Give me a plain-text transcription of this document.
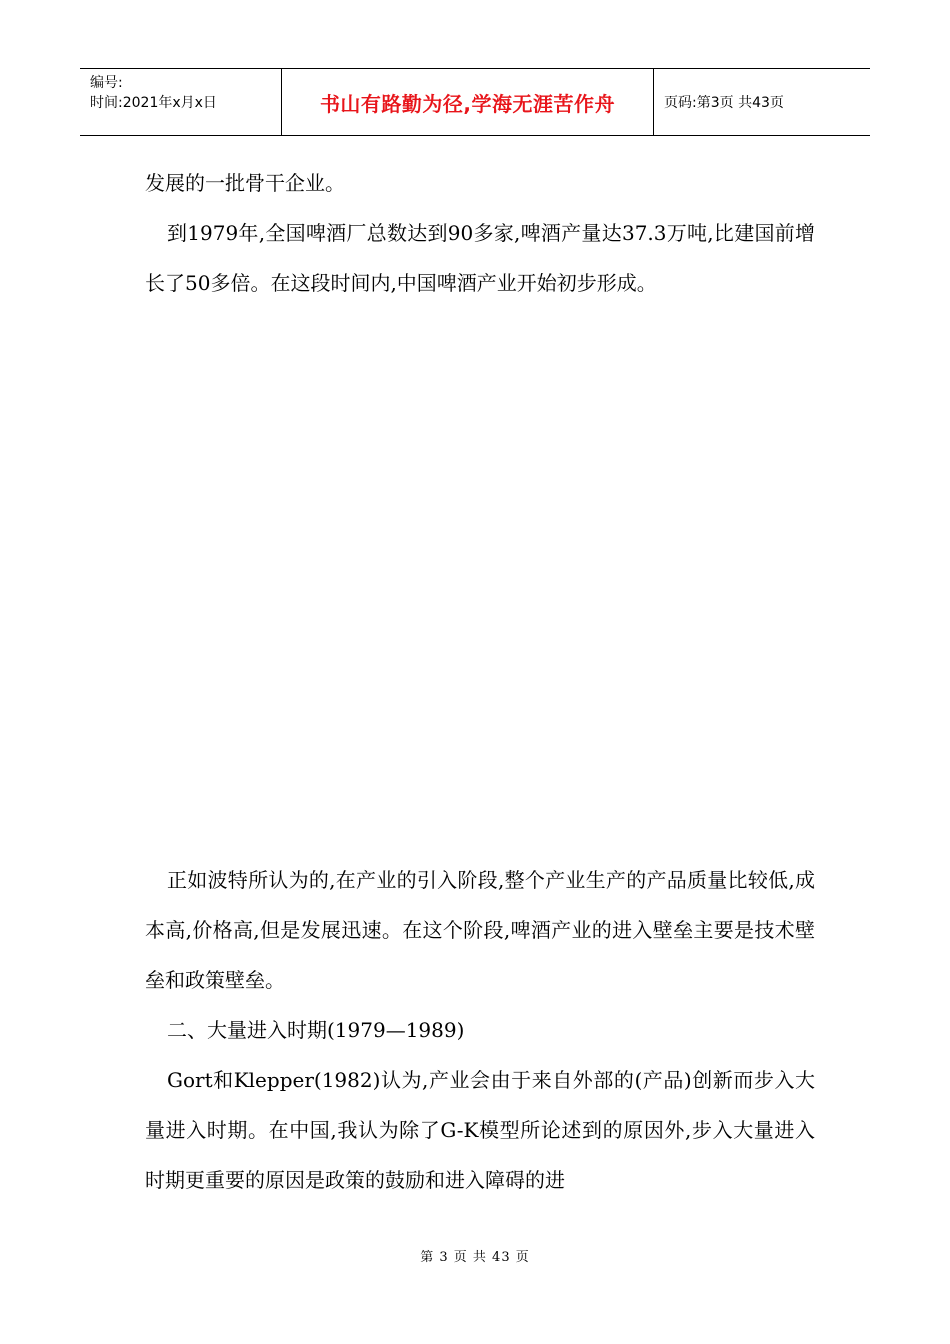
编号:
时间:2021年x月x日	书山有路勤为径,学海无涯苦作舟	页码:第3页 共43页

发展的一批骨干企业。

到1979年,全国啤酒厂总数达到90多家,啤酒产量达37.3万吨,比建国前增长了50多倍。在这段时间内,中国啤酒产业开始初步形成。

正如波特所认为的,在产业的引入阶段,整个产业生产的产品质量比较低,成本高,价格高,但是发展迅速。在这个阶段,啤酒产业的进入壁垒主要是技术壁垒和政策壁垒。

二、大量进入时期(1979—1989)

Gort和Klepper(1982)认为,产业会由于来自外部的(产品)创新而步入大量进入时期。在中国,我认为除了G-K模型所论述到的原因外,步入大量进入时期更重要的原因是政策的鼓励和进入障碍的进

第 3 页 共 43 页
